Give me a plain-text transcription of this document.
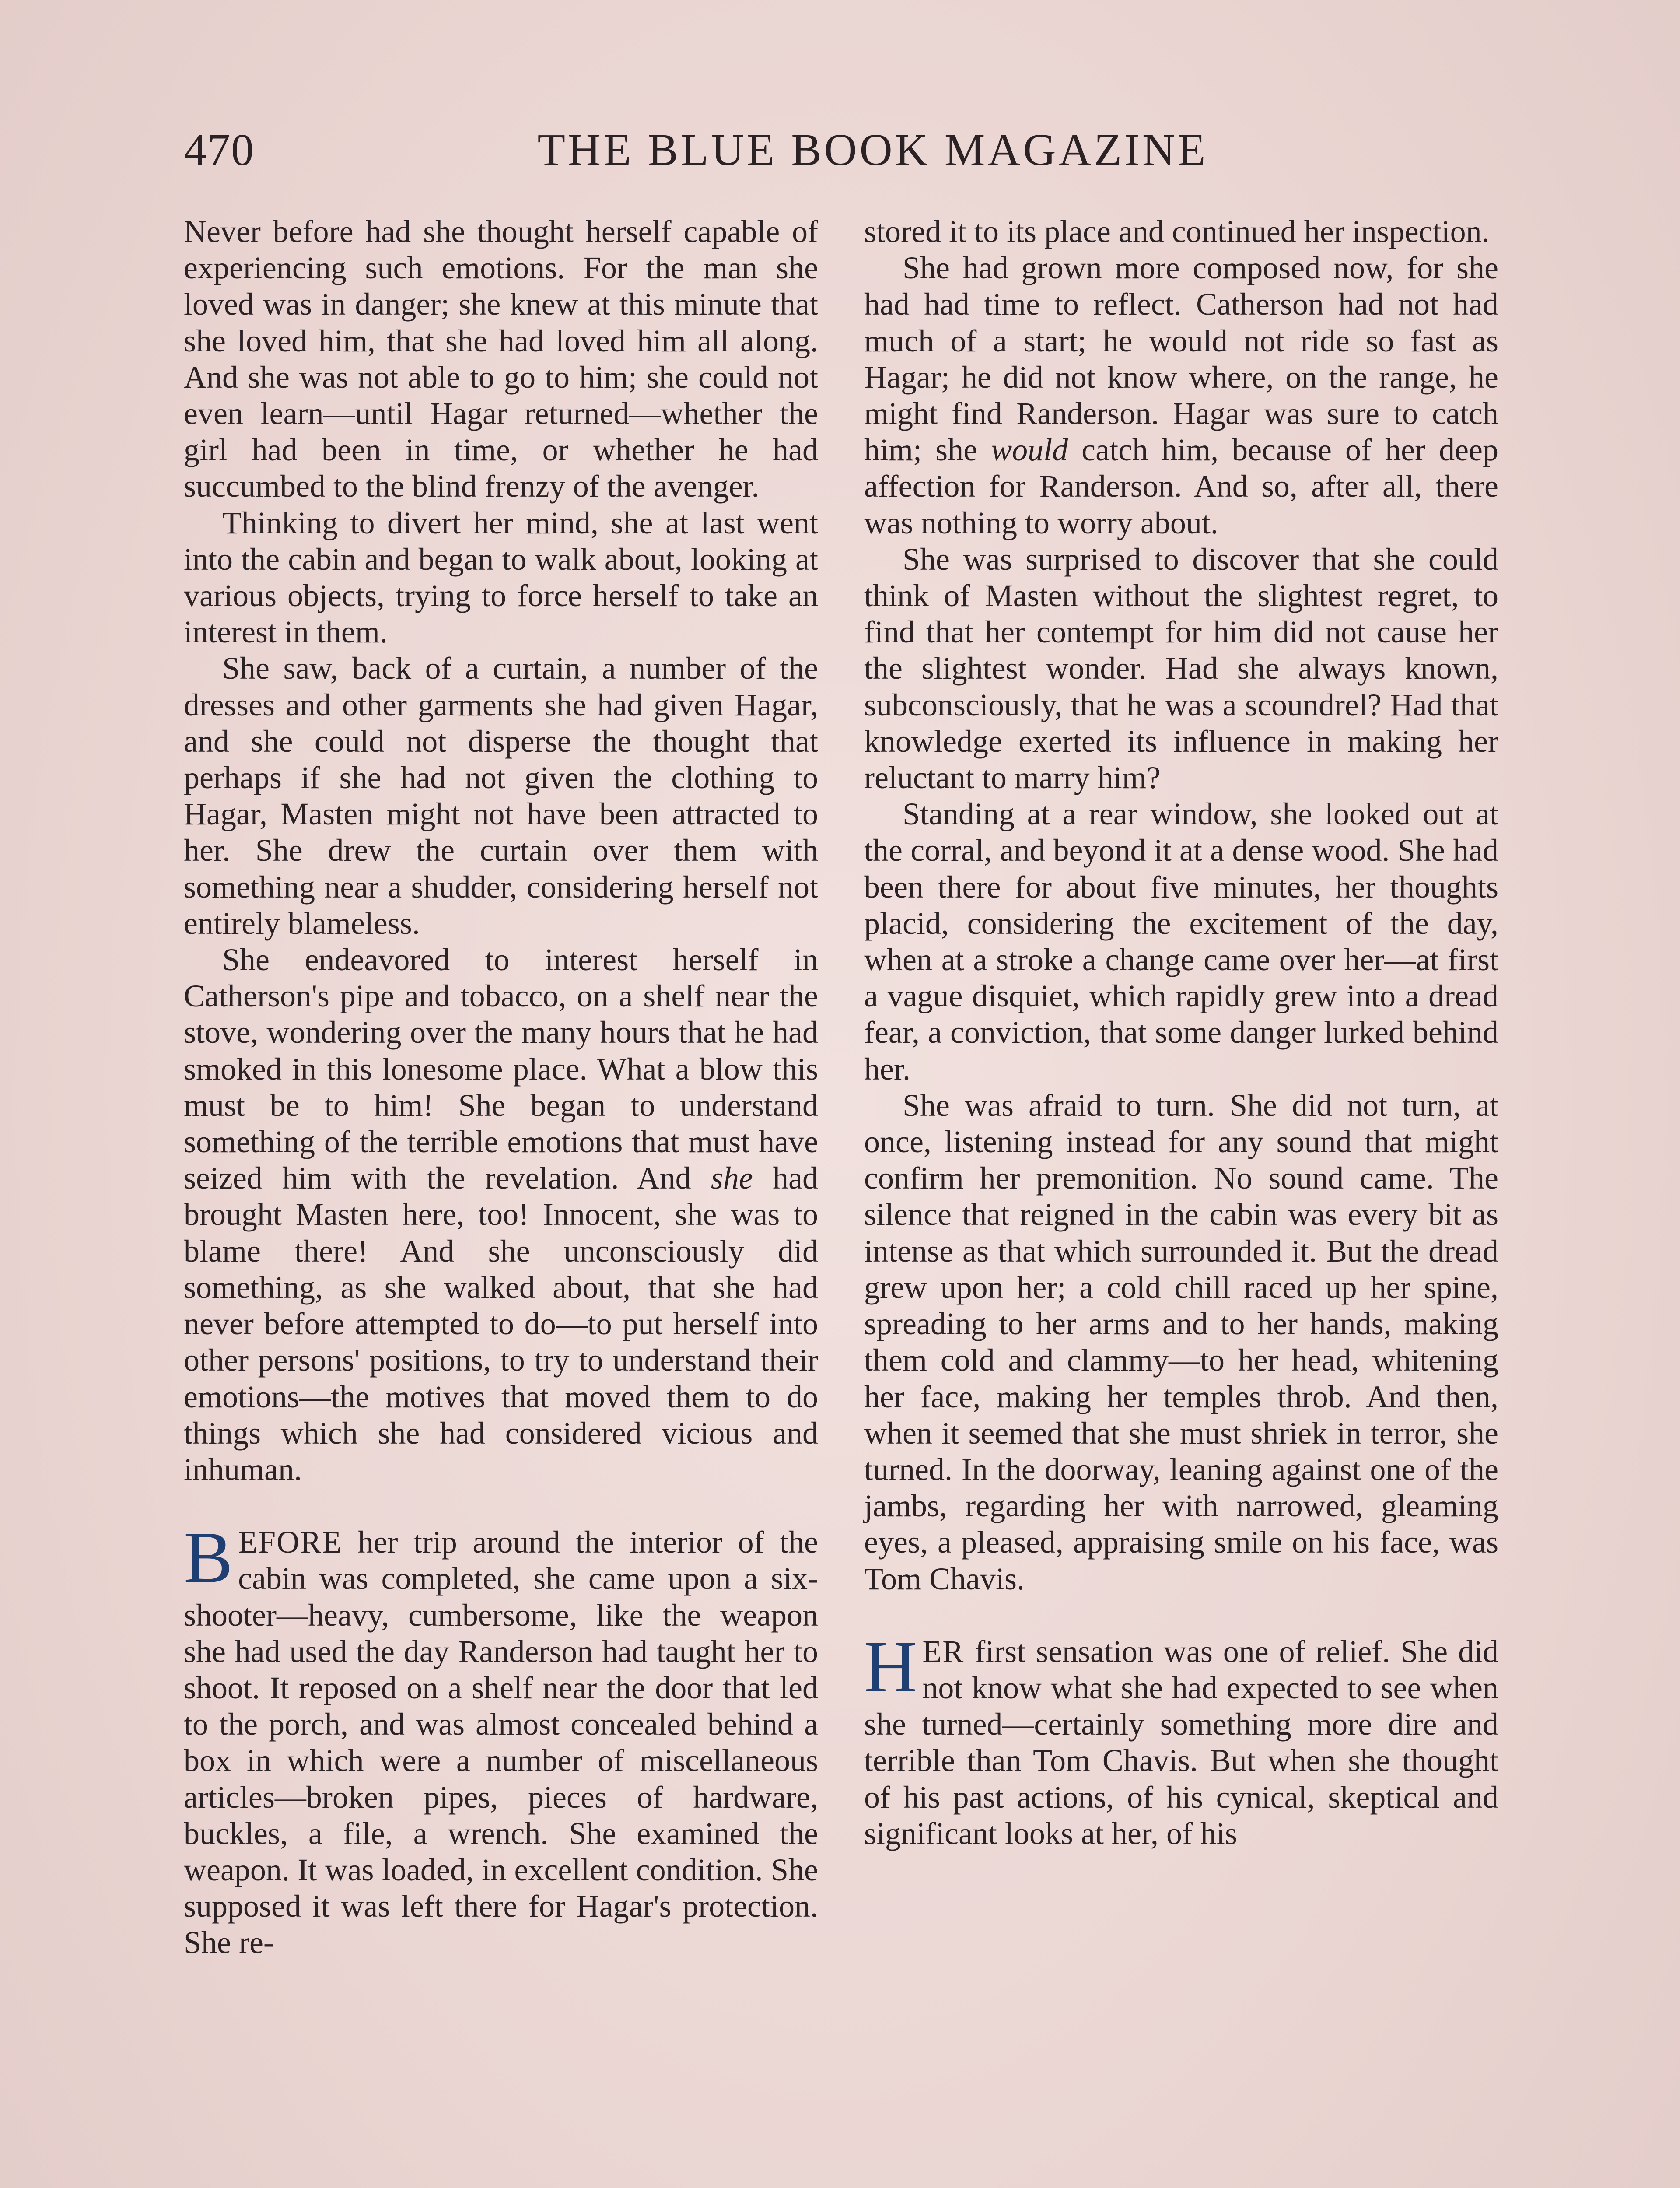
470	THE BLUE BOOK MAGAZINE

Never before had she thought herself capable of experiencing such emotions. For the man she loved was in danger; she knew at this minute that she loved him, that she had loved him all along. And she was not able to go to him; she could not even learn—until Hagar returned—whether the girl had been in time, or whether he had succumbed to the blind frenzy of the avenger.

Thinking to divert her mind, she at last went into the cabin and began to walk about, looking at various objects, trying to force herself to take an interest in them.

She saw, back of a curtain, a number of the dresses and other garments she had given Hagar, and she could not disperse the thought that perhaps if she had not given the clothing to Hagar, Masten might not have been attracted to her. She drew the curtain over them with something near a shudder, considering herself not entirely blameless.

She endeavored to interest herself in Catherson's pipe and tobacco, on a shelf near the stove, wondering over the many hours that he had smoked in this lonesome place. What a blow this must be to him! She began to understand something of the terrible emotions that must have seized him with the revelation. And she had brought Masten here, too! Innocent, she was to blame there! And she unconsciously did something, as she walked about, that she had never before attempted to do—to put herself into other persons' positions, to try to understand their emotions—the motives that moved them to do things which she had considered vicious and inhuman.

BEFORE her trip around the interior of the cabin was completed, she came upon a six-shooter—heavy, cumbersome, like the weapon she had used the day Randerson had taught her to shoot. It reposed on a shelf near the door that led to the porch, and was almost concealed behind a box in which were a number of miscellaneous articles—broken pipes, pieces of hardware, buckles, a file, a wrench. She examined the weapon. It was loaded, in excellent condition. She supposed it was left there for Hagar's protection. She re-

stored it to its place and continued her inspection.

She had grown more composed now, for she had had time to reflect. Catherson had not had much of a start; he would not ride so fast as Hagar; he did not know where, on the range, he might find Randerson. Hagar was sure to catch him; she would catch him, because of her deep affection for Randerson. And so, after all, there was nothing to worry about.

She was surprised to discover that she could think of Masten without the slightest regret, to find that her contempt for him did not cause her the slightest wonder. Had she always known, subconsciously, that he was a scoundrel? Had that knowledge exerted its influence in making her reluctant to marry him?

Standing at a rear window, she looked out at the corral, and beyond it at a dense wood. She had been there for about five minutes, her thoughts placid, considering the excitement of the day, when at a stroke a change came over her—at first a vague disquiet, which rapidly grew into a dread fear, a conviction, that some danger lurked behind her.

She was afraid to turn. She did not turn, at once, listening instead for any sound that might confirm her premonition. No sound came. The silence that reigned in the cabin was every bit as intense as that which surrounded it. But the dread grew upon her; a cold chill raced up her spine, spreading to her arms and to her hands, making them cold and clammy—to her head, whitening her face, making her temples throb. And then, when it seemed that she must shriek in terror, she turned. In the doorway, leaning against one of the jambs, regarding her with narrowed, gleaming eyes, a pleased, appraising smile on his face, was Tom Chavis.

HER first sensation was one of relief. She did not know what she had expected to see when she turned—certainly something more dire and terrible than Tom Chavis. But when she thought of his past actions, of his cynical, skeptical and significant looks at her, of his
